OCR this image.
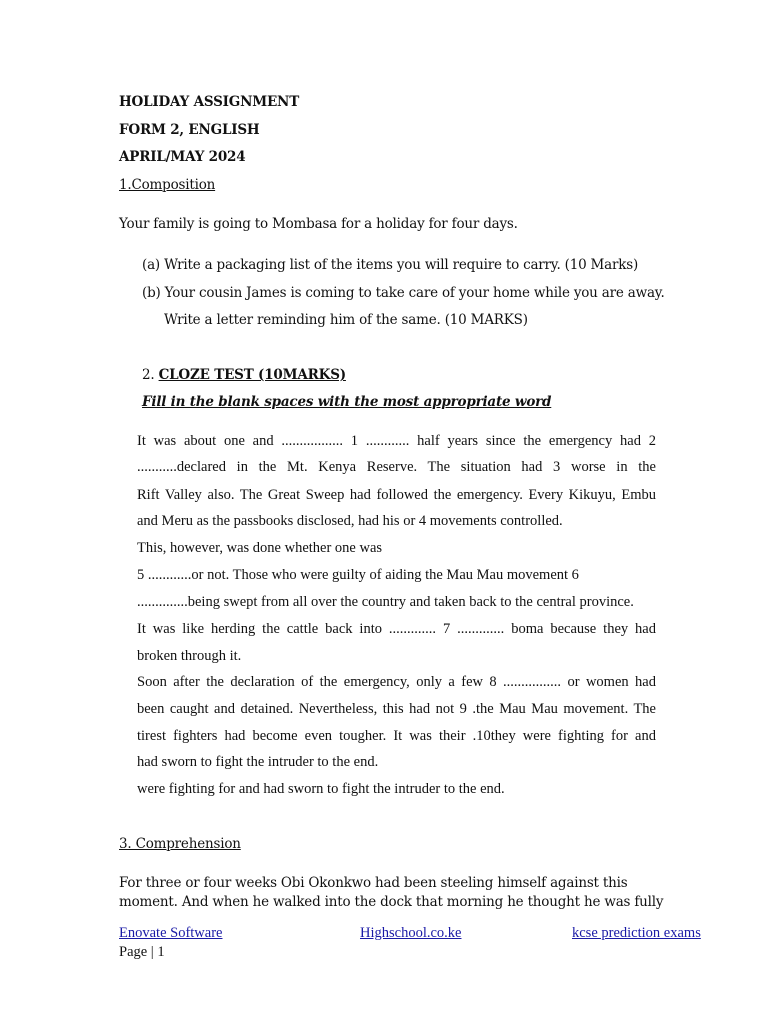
HOLIDAY ASSIGNMENT

FORM 2, ENGLISH

APRIL/MAY 2024

1.Composition

Your family is going to Mombasa for a holiday for four days.

(a) Write a packaging list of the items you will require to carry. (10 Marks)

(b) Your cousin James is coming to take care of your home while you are away.

Write a letter reminding him of the same. (10 MARKS)

2. CLOZE TEST (10MARKS)

Fill in the blank spaces with the most appropriate word

It was about one and ................. 1 ............ half years since the emergency had 2

...........declared in the Mt. Kenya Reserve. The situation had 3 worse in the

Rift Valley also. The Great Sweep had followed the emergency. Every Kikuyu, Embu

and Meru as the passbooks disclosed, had his or 4 movements controlled.

This, however, was done whether one was

5 ............or not. Those who were guilty of aiding the Mau Mau movement 6

..............being swept from all over the country and taken back to the central province.

It was like herding the cattle back into ............. 7 ............. boma because they had

broken through it.

Soon after the declaration of the emergency, only a few 8 ................ or women had

been caught and detained. Nevertheless, this had not 9 .the Mau Mau movement. The

tirest fighters had become even tougher. It was their .10they were fighting for and

had sworn to fight the intruder to the end.

were fighting for and had sworn to fight the intruder to the end.

3. Comprehension

For three or four weeks Obi Okonkwo had been steeling himself against this

moment. And when he walked into the dock that morning he thought he was fully

Enovate Software	Highschool.co.ke	kcse prediction exams
Page | 1
